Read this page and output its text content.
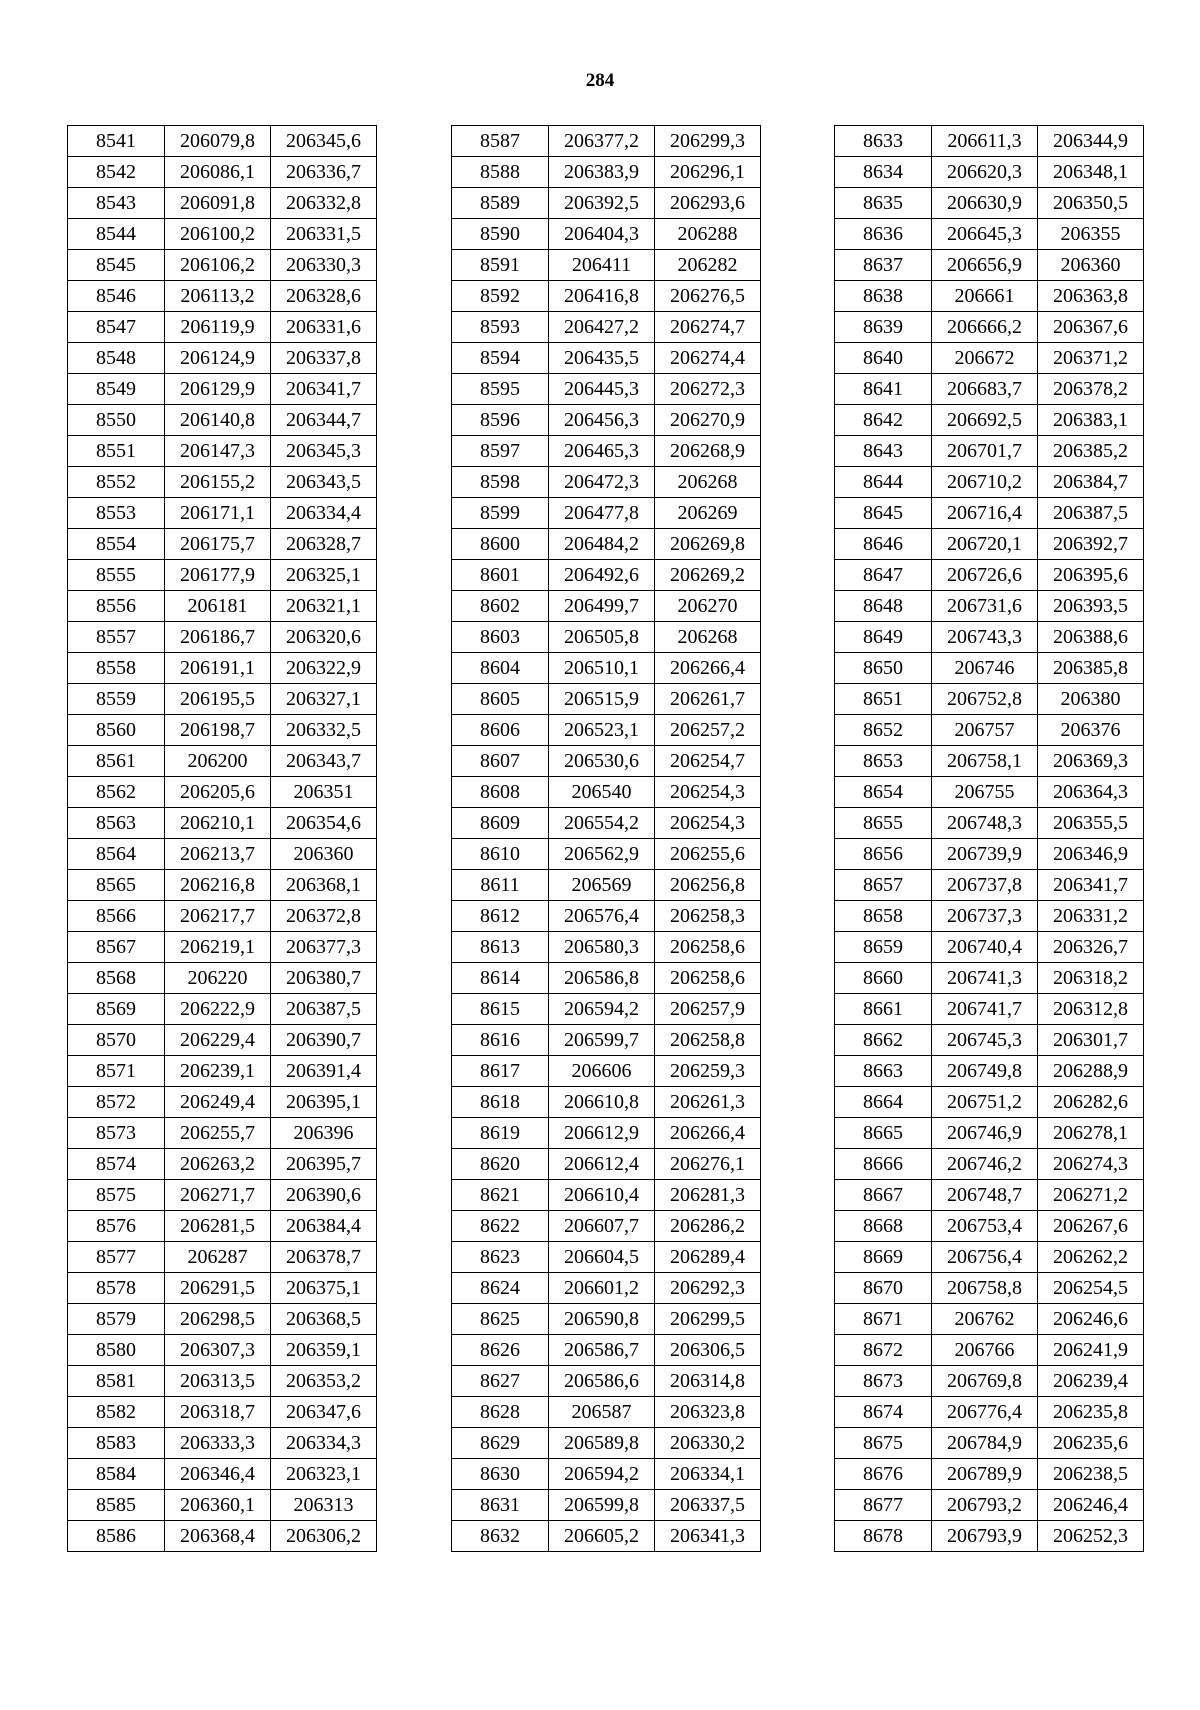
284
8541	206079,8	206345,6
8542	206086,1	206336,7
8543	206091,8	206332,8
8544	206100,2	206331,5
8545	206106,2	206330,3
8546	206113,2	206328,6
8547	206119,9	206331,6
8548	206124,9	206337,8
8549	206129,9	206341,7
8550	206140,8	206344,7
8551	206147,3	206345,3
8552	206155,2	206343,5
8553	206171,1	206334,4
8554	206175,7	206328,7
8555	206177,9	206325,1
8556	206181	206321,1
8557	206186,7	206320,6
8558	206191,1	206322,9
8559	206195,5	206327,1
8560	206198,7	206332,5
8561	206200	206343,7
8562	206205,6	206351
8563	206210,1	206354,6
8564	206213,7	206360
8565	206216,8	206368,1
8566	206217,7	206372,8
8567	206219,1	206377,3
8568	206220	206380,7
8569	206222,9	206387,5
8570	206229,4	206390,7
8571	206239,1	206391,4
8572	206249,4	206395,1
8573	206255,7	206396
8574	206263,2	206395,7
8575	206271,7	206390,6
8576	206281,5	206384,4
8577	206287	206378,7
8578	206291,5	206375,1
8579	206298,5	206368,5
8580	206307,3	206359,1
8581	206313,5	206353,2
8582	206318,7	206347,6
8583	206333,3	206334,3
8584	206346,4	206323,1
8585	206360,1	206313
8586	206368,4	206306,2
8587	206377,2	206299,3
8588	206383,9	206296,1
8589	206392,5	206293,6
8590	206404,3	206288
8591	206411	206282
8592	206416,8	206276,5
8593	206427,2	206274,7
8594	206435,5	206274,4
8595	206445,3	206272,3
8596	206456,3	206270,9
8597	206465,3	206268,9
8598	206472,3	206268
8599	206477,8	206269
8600	206484,2	206269,8
8601	206492,6	206269,2
8602	206499,7	206270
8603	206505,8	206268
8604	206510,1	206266,4
8605	206515,9	206261,7
8606	206523,1	206257,2
8607	206530,6	206254,7
8608	206540	206254,3
8609	206554,2	206254,3
8610	206562,9	206255,6
8611	206569	206256,8
8612	206576,4	206258,3
8613	206580,3	206258,6
8614	206586,8	206258,6
8615	206594,2	206257,9
8616	206599,7	206258,8
8617	206606	206259,3
8618	206610,8	206261,3
8619	206612,9	206266,4
8620	206612,4	206276,1
8621	206610,4	206281,3
8622	206607,7	206286,2
8623	206604,5	206289,4
8624	206601,2	206292,3
8625	206590,8	206299,5
8626	206586,7	206306,5
8627	206586,6	206314,8
8628	206587	206323,8
8629	206589,8	206330,2
8630	206594,2	206334,1
8631	206599,8	206337,5
8632	206605,2	206341,3
8633	206611,3	206344,9
8634	206620,3	206348,1
8635	206630,9	206350,5
8636	206645,3	206355
8637	206656,9	206360
8638	206661	206363,8
8639	206666,2	206367,6
8640	206672	206371,2
8641	206683,7	206378,2
8642	206692,5	206383,1
8643	206701,7	206385,2
8644	206710,2	206384,7
8645	206716,4	206387,5
8646	206720,1	206392,7
8647	206726,6	206395,6
8648	206731,6	206393,5
8649	206743,3	206388,6
8650	206746	206385,8
8651	206752,8	206380
8652	206757	206376
8653	206758,1	206369,3
8654	206755	206364,3
8655	206748,3	206355,5
8656	206739,9	206346,9
8657	206737,8	206341,7
8658	206737,3	206331,2
8659	206740,4	206326,7
8660	206741,3	206318,2
8661	206741,7	206312,8
8662	206745,3	206301,7
8663	206749,8	206288,9
8664	206751,2	206282,6
8665	206746,9	206278,1
8666	206746,2	206274,3
8667	206748,7	206271,2
8668	206753,4	206267,6
8669	206756,4	206262,2
8670	206758,8	206254,5
8671	206762	206246,6
8672	206766	206241,9
8673	206769,8	206239,4
8674	206776,4	206235,8
8675	206784,9	206235,6
8676	206789,9	206238,5
8677	206793,2	206246,4
8678	206793,9	206252,3
